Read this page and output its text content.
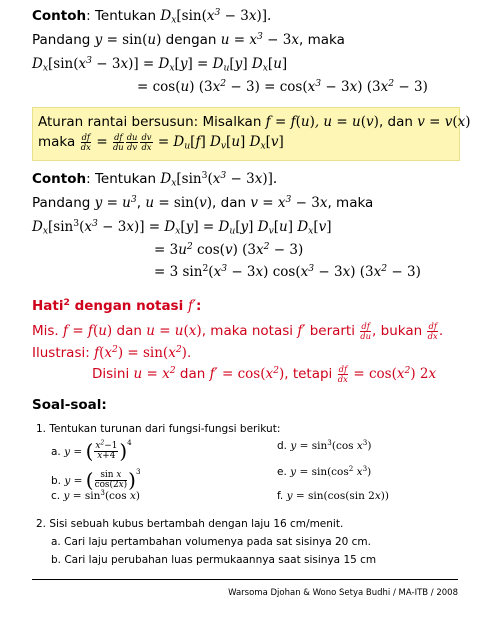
Contoh: Tentukan $D_x[\sin(x^3 - 3x)]$.
Pandang y = sin(u) dengan $u = x^3 - 3x$, maka
$D_x[\sin(x^3 - 3x)] = D_x[y] = D_u[y]$ $D_x[u]$
= cos(u) $(3x^2 - 3) = \cos(x^3 - 3x) (3x^2 - 3)$
Aturan rantai bersusun: Misalkan f = f(u), u = u(v), dan v = v(x)
maka $\frac{df}{dx} = \frac{df}{du} \frac{du}{dv} \frac{dv}{dx} = D_u[f]$ $D_v[u]$ $D_x[v]$
Contoh: Tentukan $D_x[\sin^3(x^3 - 3x)]$.
Pandang $y = u^3$, u = sin(v), dan $v = x^3 - 3x$, maka
$D_x[\sin^3(x^3 - 3x)] = D_x[y] = D_u[y]$ $D_v[u]$ $D_x[v]$
= $3u^2$ cos(v) $(3x^2 - 3)$
= 3 $\sin^2(x^3 - 3x) \cos(x^3 - 3x) (3x^2 - 3)$
Hati$^2$ dengan notasi f′:
Mis. f = f(u) dan u = u(x), maka notasi f′ berarti $\frac{df}{du}$ , bukan $\frac{df}{dx}$ .
Ilustrasi: $f(x^2) = \sin(x^2)$.
Disini $u = x^2$ dan $f' = \cos(x^2)$, tetapi $\frac{df}{dx} = \cos(x^2)$ 2x
Soal-soal:
1. Tentukan turunan dari fungsi-fungsi berikut:
a. y = ( $\frac{x^2-1}{x+4} )^4$
b. y = ( $\frac{\text{sin x}}{\cos(2x)} )^3$
c. $y = \sin^3(\cos$ x)
d. $y = \sin^3(\cos$ $x^3$)
e. $y = \sin(\cos^2$ $x^3$)
f. y = sin(cos(sin 2x))
2. Sisi sebuah kubus bertambah dengan laju 16 cm/menit.
a. Cari laju pertambahan volumenya pada sat sisinya 20 cm.
b. Cari laju perubahan luas permukaannya saat sisinya 15 cm
Warsoma Djohan & Wono Setya Budhi / MA-ITB / 2008
